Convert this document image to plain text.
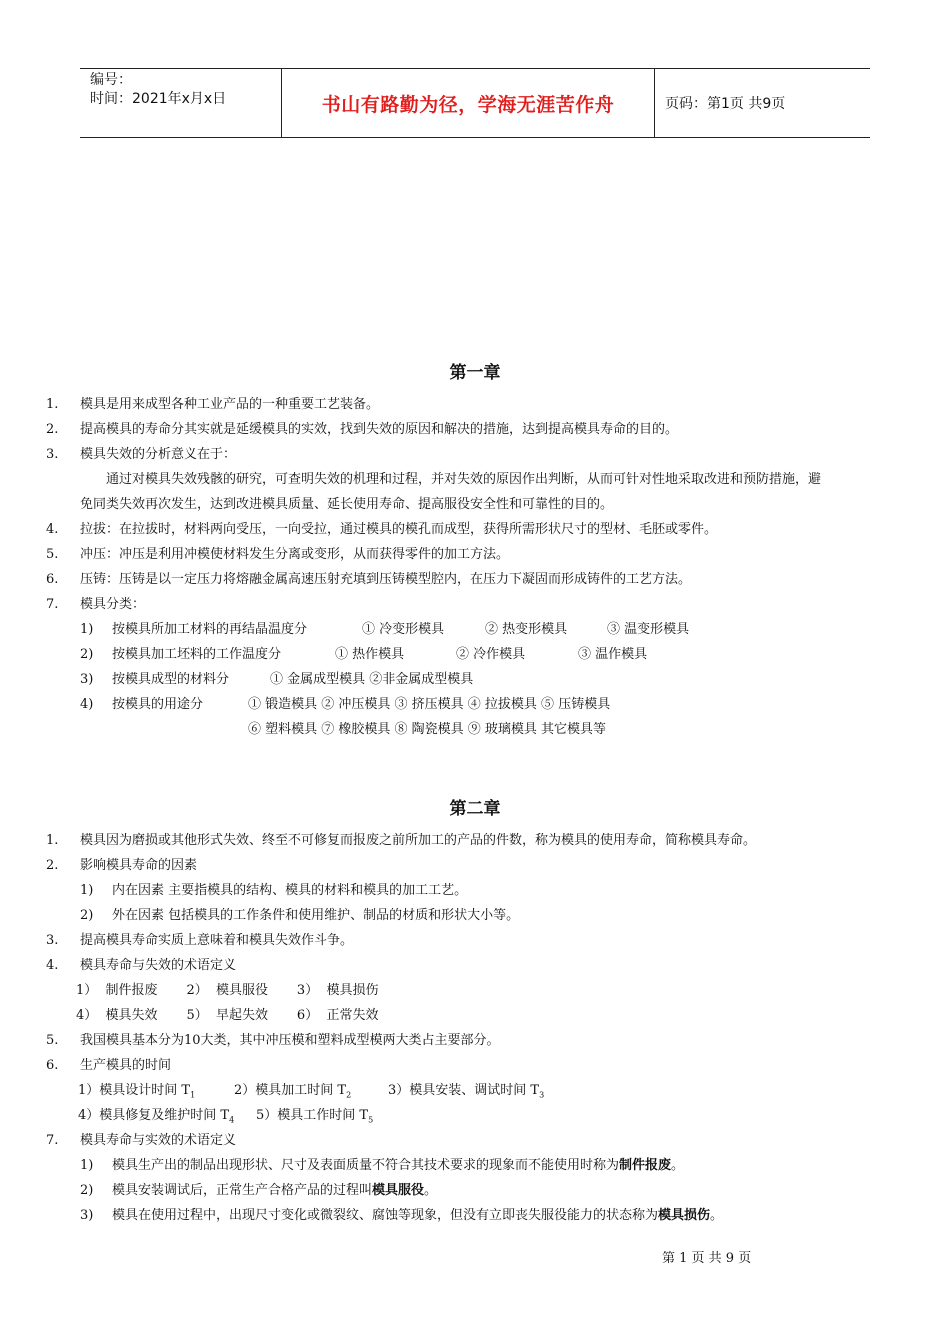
编号：
时间：2021年x月x日	书山有路勤为径，学海无涯苦作舟	页码：第1页 共9页
第一章
1. 模具是用来成型各种工业产品的一种重要工艺装备。
2. 提高模具的寿命分其实就是延缓模具的实效，找到失效的原因和解决的措施，达到提高模具寿命的目的。
3. 模具失效的分析意义在于：
通过对模具失效残骸的研究，可查明失效的机理和过程，并对失效的原因作出判断，从而可针对性地采取改进和预防措施，避
免同类失效再次发生，达到改进模具质量、延长使用寿命、提高服役安全性和可靠性的目的。
4. 拉拔：在拉拔时，材料两向受压，一向受拉，通过模具的模孔而成型，获得所需形状尺寸的型材、毛胚或零件。
5. 冲压：冲压是利用冲模使材料发生分离或变形，从而获得零件的加工方法。
6. 压铸：压铸是以一定压力将熔融金属高速压射充填到压铸模型腔内，在压力下凝固而形成铸件的工艺方法。
7. 模具分类：
1) 按模具所加工材料的再结晶温度分	① 冷变形模具	② 热变形模具	③ 温变形模具
2) 按模具加工坯料的工作温度分	① 热作模具	② 冷作模具	③ 温作模具
3) 按模具成型的材料分	① 金属成型模具 ②非金属成型模具
4) 按模具的用途分	① 锻造模具 ② 冲压模具 ③ 挤压模具 ④ 拉拔模具 ⑤ 压铸模具
⑥ 塑料模具 ⑦ 橡胶模具 ⑧ 陶瓷模具 ⑨ 玻璃模具 其它模具等
第二章
1. 模具因为磨损或其他形式失效、终至不可修复而报废之前所加工的产品的件数，称为模具的使用寿命，简称模具寿命。
2. 影响模具寿命的因素
1) 内在因素 主要指模具的结构、模具的材料和模具的加工工艺。
2) 外在因素 包括模具的工作条件和使用维护、制品的材质和形状大小等。
3. 提高模具寿命实质上意味着和模具失效作斗争。
4. 模具寿命与失效的术语定义
1）  制件报废       2）  模具服役       3）  模具损伤
4）  模具失效       5）  早起失效       6）  正常失效
5. 我国模具基本分为10大类，其中冲压模和塑料成型模两大类占主要部分。
6. 生产模具的时间
1）模具设计时间 $T_1$	2）模具加工时间 $T_2$	3）模具安装、调试时间 $T_3$
4）模具修复及维护时间 $T_4$ 5）模具工作时间 $T_5$
7. 模具寿命与实效的术语定义
1) 模具生产出的制品出现形状、尺寸及表面质量不符合其技术要求的现象而不能使用时称为制件报废。
2) 模具安装调试后，正常生产合格产品的过程叫模具服役。
3) 模具在使用过程中，出现尺寸变化或微裂纹、腐蚀等现象，但没有立即丧失服役能力的状态称为模具损伤。
第 1 页 共 9 页
